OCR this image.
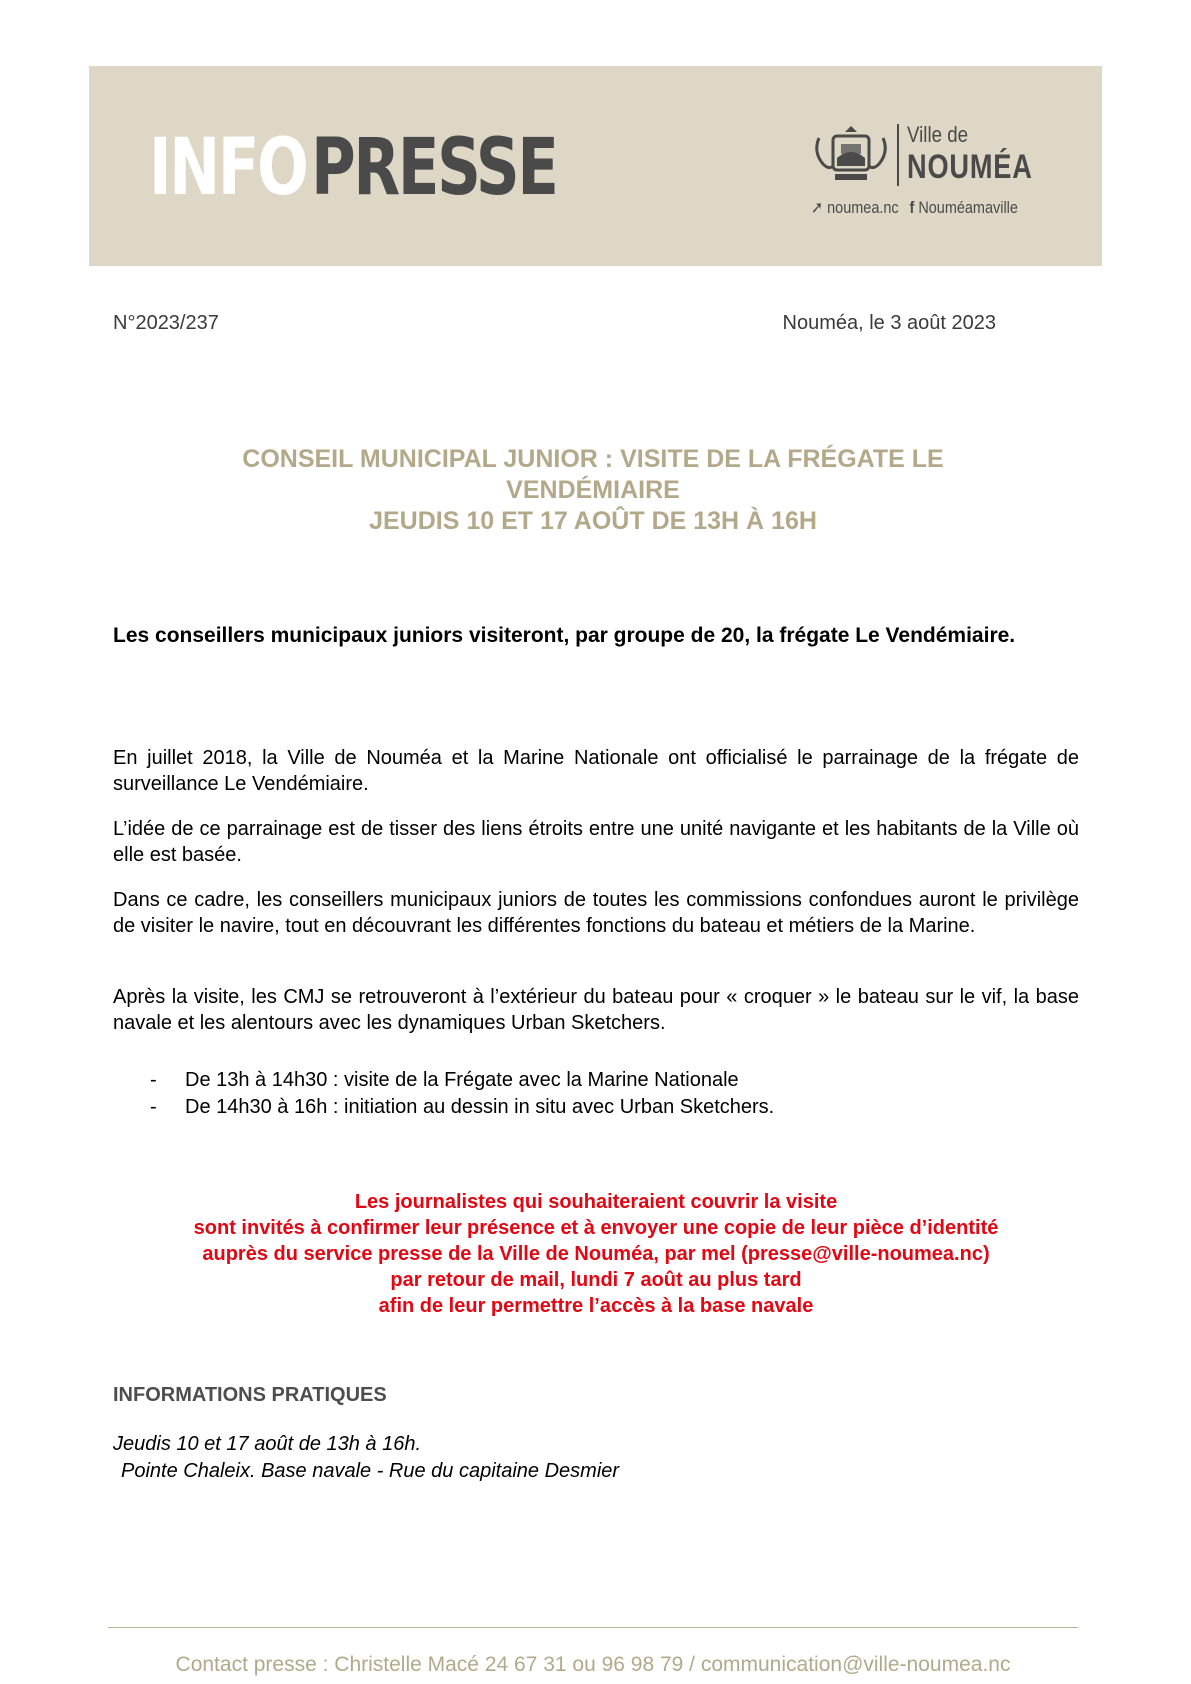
INFOPRESSE	Ville de
NOUMÉA
➚ noumea.nc f Nouméamaville
N°2023/237	Nouméa, le 3 août 2023
CONSEIL MUNICIPAL JUNIOR : VISITE DE LA FRÉGATE LE
VENDÉMIAIRE
JEUDIS 10 ET 17 AOÛT DE 13H À 16H
Les conseillers municipaux juniors visiteront, par groupe de 20, la frégate Le Vendémiaire.
En juillet 2018, la Ville de Nouméa et la Marine Nationale ont officialisé le parrainage de la frégate de surveillance Le Vendémiaire.
L’idée de ce parrainage est de tisser des liens étroits entre une unité navigante et les habitants de la Ville où elle est basée.
Dans ce cadre, les conseillers municipaux juniors de toutes les commissions confondues auront le privilège de visiter le navire, tout en découvrant les différentes fonctions du bateau et métiers de la Marine.
Après la visite, les CMJ se retrouveront à l’extérieur du bateau pour « croquer » le bateau sur le vif, la base navale et les alentours avec les dynamiques Urban Sketchers.
- De 13h à 14h30 : visite de la Frégate avec la Marine Nationale
- De 14h30 à 16h : initiation au dessin in situ avec Urban Sketchers.
Les journalistes qui souhaiteraient couvrir la visite
sont invités à confirmer leur présence et à envoyer une copie de leur pièce d’identité
auprès du service presse de la Ville de Nouméa, par mel (presse@ville-noumea.nc)
par retour de mail, lundi 7 août au plus tard
afin de leur permettre l’accès à la base navale
INFORMATIONS PRATIQUES
Jeudis 10 et 17 août de 13h à 16h.
Pointe Chaleix. Base navale - Rue du capitaine Desmier
Contact presse : Christelle Macé 24 67 31 ou 96 98 79 / communication@ville-noumea.nc
